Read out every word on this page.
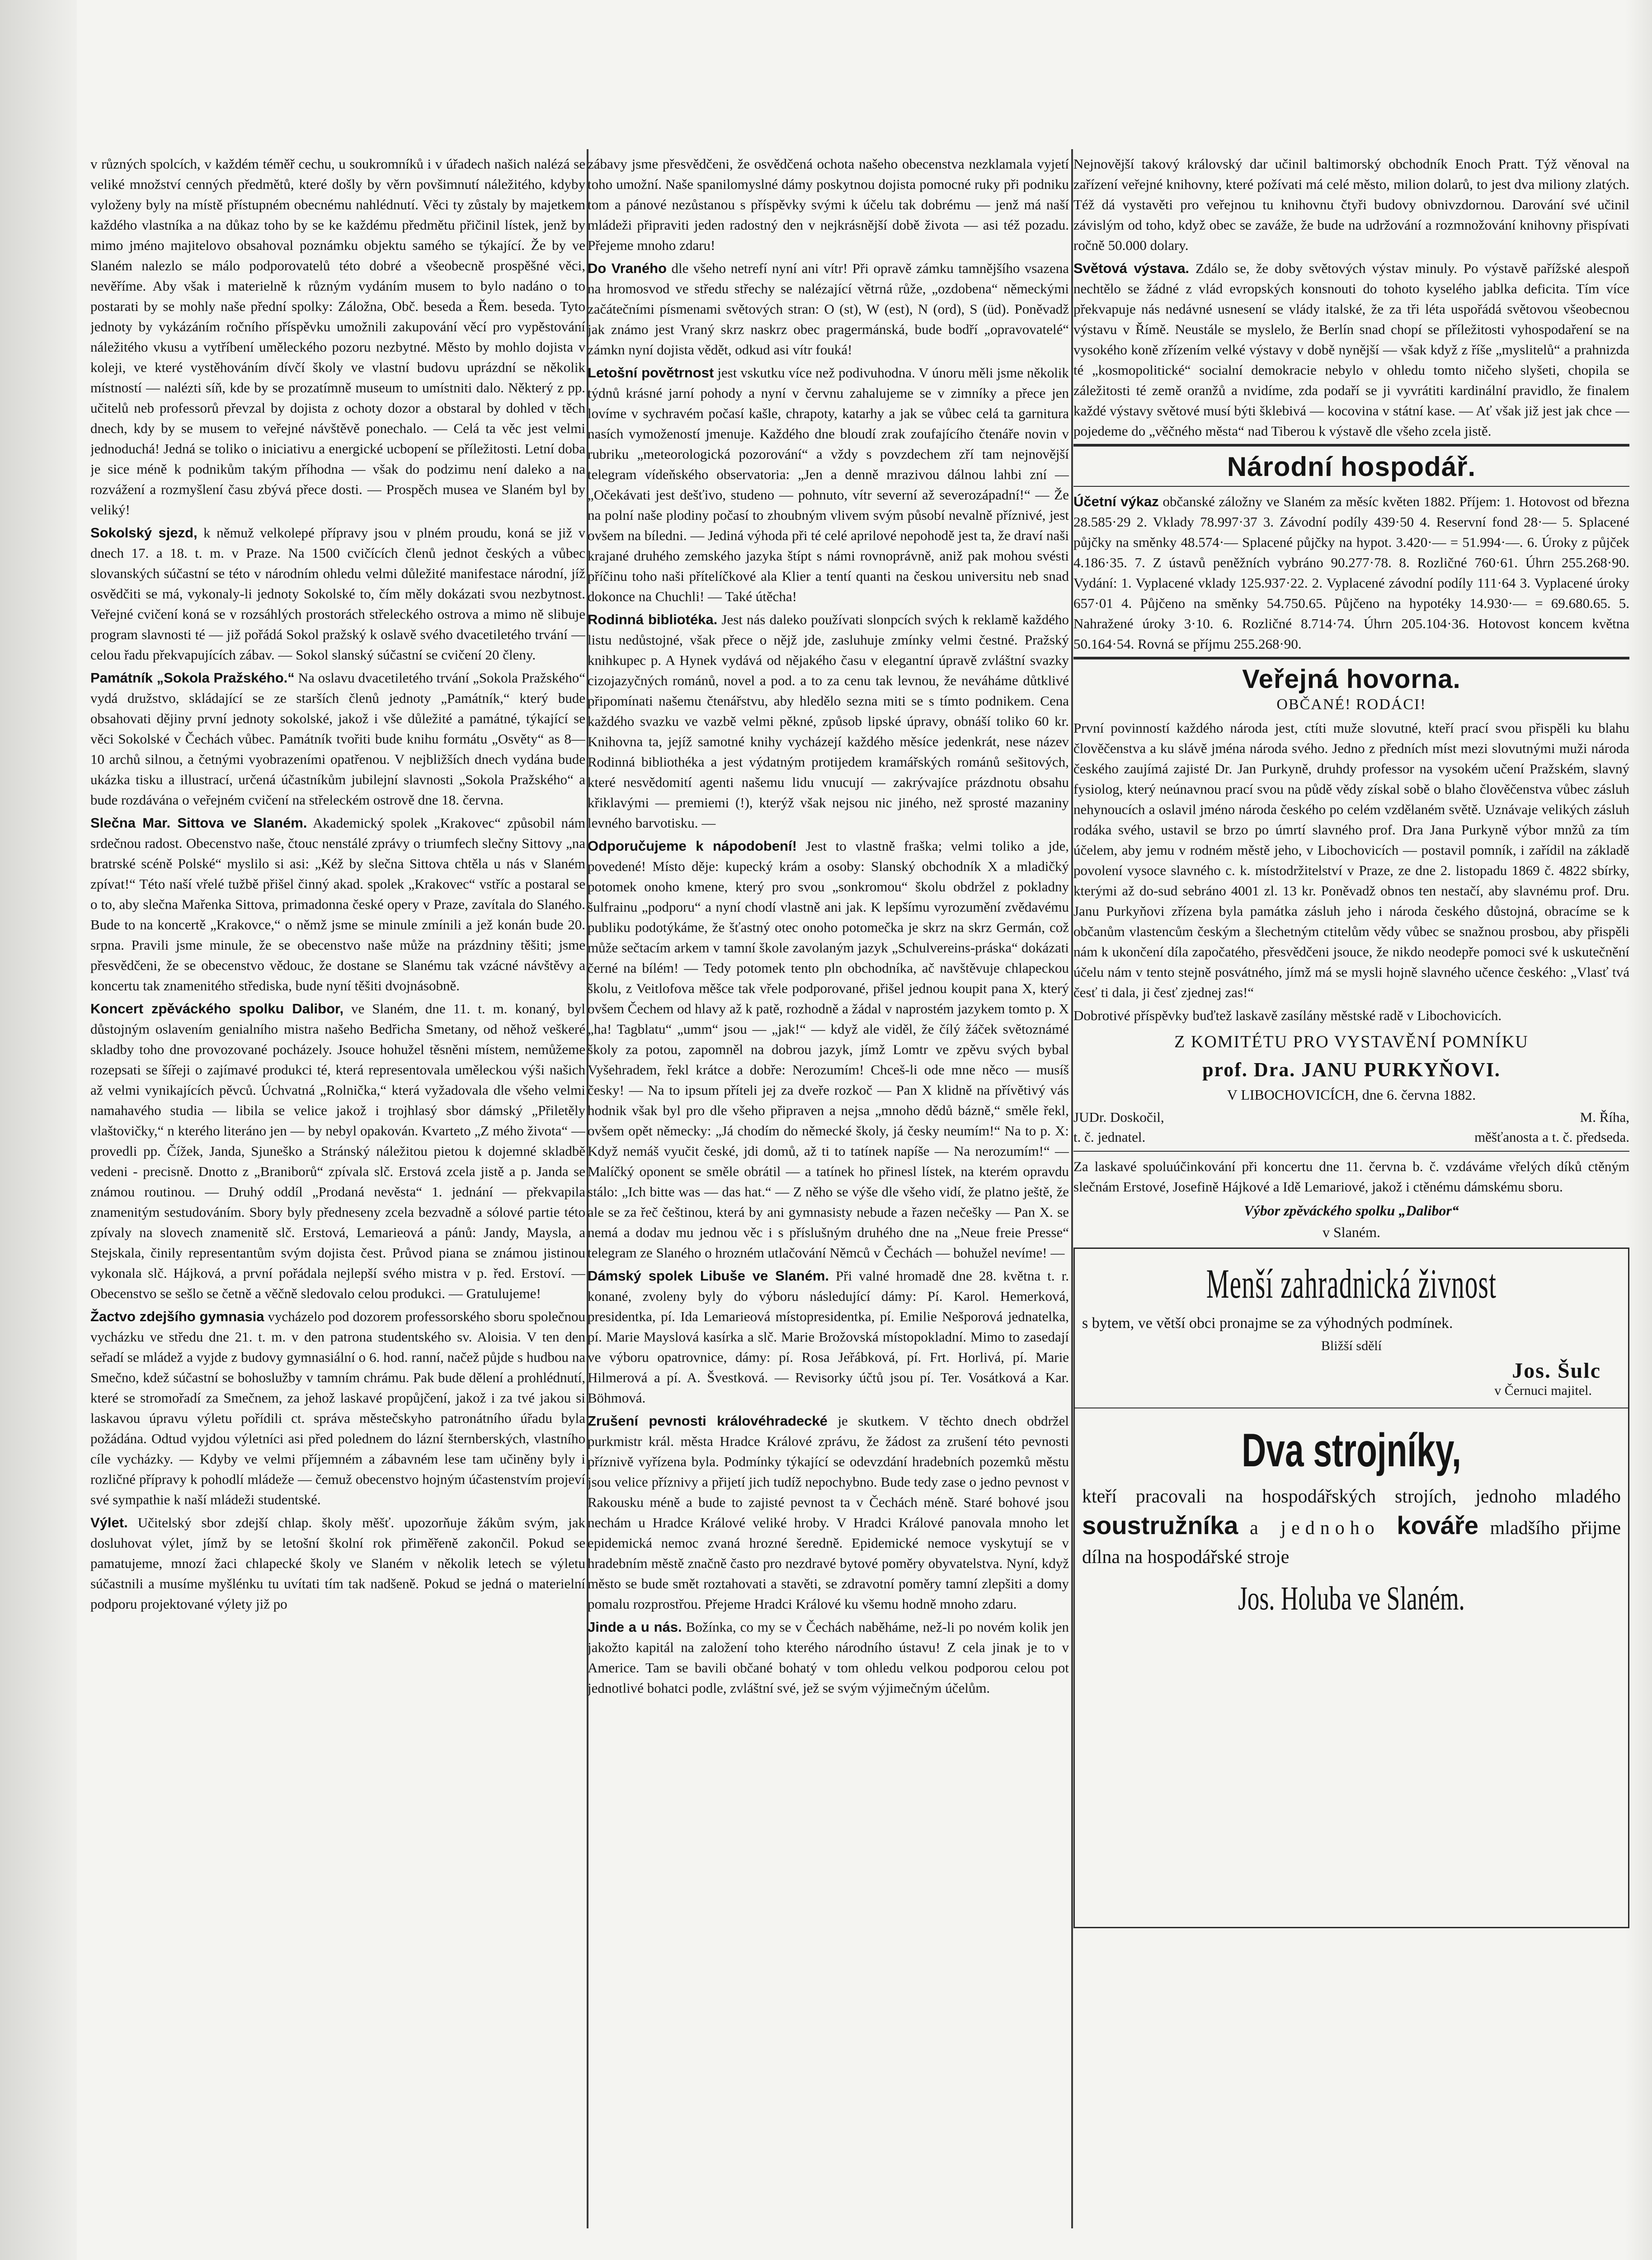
v různých spolcích, v každém téměř cechu, u soukromníků i v úřadech našich nalézá se veliké množství cenných předmětů, které došly by věrn povšimnutí náležitého, kdyby vyloženy byly na místě přístupném obecnému nahlédnutí. Věci ty zůstaly by majetkem každého vlastníka a na důkaz toho by se ke každému předmětu přičinil lístek, jenž by mimo jméno majitelovo obsahoval poznámku objektu samého se týkající. Že by ve Slaném nalezlo se málo podporovatelů této dobré a všeobecně prospěšné věci, nevěříme. Aby však i materielně k různým vydáním musem to bylo nadáno o to postarati by se mohly naše přední spolky: Záložna, Obč. beseda a Řem. beseda. Tyto jednoty by vykázáním ročního příspěvku umožnili zakupování věcí pro vypěstování náležitého vkusu a vytříbení uměleckého pozoru nezbytné. Město by mohlo dojista v koleji, ve které vystěhováním dívčí školy ve vlastní budovu uprázdní se několik místností — nalézti síň, kde by se prozatímně museum to umístniti dalo. Některý z pp. učitelů neb professorů převzal by dojista z ochoty dozor a obstaral by dohled v těch dnech, kdy by se musem to veřejné návštěvě ponechalo. — Celá ta věc jest velmi jednoduchá! Jedná se toliko o iniciativu a energické ucbopení se příležitosti. Letní doba je sice méně k podnikům takým příhodna — však do podzimu není daleko a na rozvážení a rozmyšlení času zbývá přece dosti. — Prospěch musea ve Slaném byl by veliký!

Sokolský sjezd, k němuž velkolepé přípravy jsou v plném proudu, koná se již v dnech 17. a 18. t. m. v Praze. Na 1500 cvičících členů jednot českých a vůbec slovanských súčastní se této v národním ohledu velmi důležité manifestace národní, jíž osvědčiti se má, vykonaly-li jednoty Sokolské to, čím měly dokázati svou nezbytnost. Veřejné cvičení koná se v rozsáhlých prostorách střeleckého ostrova a mimo ně slibuje program slavnosti té — již pořádá Sokol pražský k oslavě svého dvacetiletého trvání — celou řadu překvapujících zábav. — Sokol slanský súčastní se cvičení 20 členy.

Památník „Sokola Pražského.“ Na oslavu dvacetiletého trvání „Sokola Pražského“ vydá družstvo, skládající se ze starších členů jednoty „Památník,“ který bude obsahovati dějiny první jednoty sokolské, jakož i vše důležité a památné, týkající se věci Sokolské v Čechách vůbec. Památník tvořiti bude knihu formátu „Osvěty“ as 8—10 archů silnou, a četnými vyobrazeními opatřenou. V nejbližších dnech vydána bude ukázka tisku a illustrací, určená účastníkům jubilejní slavnosti „Sokola Pražského“ a bude rozdávána o veřejném cvičení na střeleckém ostrově dne 18. června.

Slečna Mar. Sittova ve Slaném. Akademický spolek „Krakovec“ způsobil nám srdečnou radost. Obecenstvo naše, čtouc nenstálé zprávy o triumfech slečny Sittovy „na bratrské scéně Polské“ myslilo si asi: „Kéž by slečna Sittova chtěla u nás v Slaném zpívat!“ Této naší vřelé tužbě přišel činný akad. spolek „Krakovec“ vstříc a postaral se o to, aby slečna Mařenka Sittova, primadonna české opery v Praze, zavítala do Slaného. Bude to na koncertě „Krakovce,“ o němž jsme se minule zmínili a jež konán bude 20. srpna. Pravili jsme minule, že se obecenstvo naše může na prázdniny těšiti; jsme přesvědčeni, že se obecenstvo vědouc, že dostane se Slanému tak vzácné návštěvy a koncertu tak znamenitého střediska, bude nyní těšiti dvojnásobně.

Koncert zpěváckého spolku Dalibor, ve Slaném, dne 11. t. m. konaný, byl důstojným oslavením genialního mistra našeho Bedřicha Smetany, od něhož veškeré skladby toho dne provozované pocházely. Jsouce hohužel těsněni místem, nemůžeme rozepsati se šířeji o zajímavé produkci té, která representovala uměleckou výši našich až velmi vynikajících pěvců. Úchvatná „Rolnička,“ která vyžadovala dle všeho velmi namahavého studia — libila se velice jakož i trojhlasý sbor dámský „Přiletěly vlaštovičky,“ n kterého literáno jen — by nebyl opakován. Kvarteto „Z mého života“ — provedli pp. Čížek, Janda, Sjuneško a Stránský náležitou pietou k dojemné skladbě vedeni - precisně. Dnotto z „Braniborů“ zpívala slč. Erstová zcela jistě a p. Janda se známou routinou. — Druhý oddíl „Prodaná nevěsta“ 1. jednání — překvapila znamenitým sestudováním. Sbory byly předneseny zcela bezvadně a sólové partie této zpívaly na slovech znamenitě slč. Erstová, Lemarieová a pánů: Jandy, Maysla, a Stejskala, činily representantům svým dojista čest. Průvod piana se známou jistinou vykonala slč. Hájková, a první pořádala nejlepší svého mistra v p. řed. Erstoví. — Obecenstvo se sešlo se četně a věčně sledovalo celou produkci. — Gratulujeme!

Žactvo zdejšího gymnasia vycházelo pod dozorem professorského sboru společnou vycházku ve středu dne 21. t. m. v den patrona studentského sv. Aloisia. V ten den seřadí se mládež a vyjde z budovy gymnasiální o 6. hod. ranní, načež půjde s hudbou na Smečno, kdež súčastní se bohoslužby v tamním chrámu. Pak bude dělení a prohlédnutí, které se stromořadí za Smečnem, za jehož laskavé propůjčení, jakož i za tvé jakou si laskavou úpravu výletu pořídili ct. správa městečskyho patronátního úřadu byla požádána. Odtud vyjdou výletníci asi před polednem do lázní šternberských, vlastního cíle vycházky. — Kdyby ve velmi příjemném a zábavném lese tam učiněny byly i rozličné přípravy k pohodlí mládeže — čemuž obecenstvo hojným účastenstvím projeví své sympathie k naší mládeži studentské.

Výlet. Učitelský sbor zdejší chlap. školy měšť. upozorňuje žákům svým, jak dosluhovat výlet, jímž by se letošní školní rok přiměřeně zakončil. Pokud se pamatujeme, mnozí žaci chlapecké školy ve Slaném v několik letech se výletu súčastnili a musíme myšlénku tu uvítati tím tak nadšeně. Pokud se jedná o materielní podporu projektované výlety již po

zábavy jsme přesvědčeni, že osvědčená ochota našeho obecenstva nezklamala vyjetí toho umožní. Naše spanilomyslné dámy poskytnou dojista pomocné ruky při podniku tom a pánové nezůstanou s příspěvky svými k účelu tak dobrému — jenž má naší mládeži připraviti jeden radostný den v nejkrásnější době života — asi též pozadu. Přejeme mnoho zdaru!

Do Vraného dle všeho netrefí nyní ani vítr! Při opravě zámku tamnějšího vsazena na hromosvod ve středu střechy se nalézající větrná růže, „ozdobena“ německými začátečními písmenami světových stran: O (st), W (est), N (ord), S (üd). Poněvadž jak známo jest Vraný skrz naskrz obec pragermánská, bude bodří „opravovatelé“ zámkn nyní dojista vědět, odkud asi vítr fouká!

Letošní povětrnost jest vskutku více než podivuhodna. V únoru měli jsme několik týdnů krásné jarní pohody a nyní v červnu zahalujeme se v zimníky a přece jen lovíme v sychravém počasí kašle, chrapoty, katarhy a jak se vůbec celá ta garnitura nasích vymožeností jmenuje. Každého dne bloudí zrak zoufajícího čtenáře novin v rubriku „meteorologická pozorování“ a vždy s povzdechem zří tam nejnovější telegram vídeňského observatoria: „Jen a denně mrazivou dálnou lahbi zní — „Očekávati jest dešťivo, studeno — pohnuto, vítr severní až severozápadní!“ — Že na polní naše plodiny počasí to zhoubným vlivem svým působí nevalně příznivé, jest ovšem na bíledni. — Jediná výhoda při té celé aprilové nepohodě jest ta, že draví naši krajané druhého zemského jazyka štípt s námi rovnoprávně, aniž pak mohou svésti příčinu toho naši přítelíčkové ala Klier a tentí quanti na českou universitu neb snad dokonce na Chuchli! — Také útěcha!

Rodinná bibliotéka. Jest nás daleko používati slonpcích svých k reklamě každého listu nedůstojné, však přece o nějž jde, zasluhuje zmínky velmi čestné. Pražský knihkupec p. A Hynek vydává od nějakého času v elegantní úpravě zvláštní svazky cizojazyčných románů, novel a pod. a to za cenu tak levnou, že neváháme důtklivé připomínati našemu čtenářstvu, aby hledělo sezna miti se s tímto podnikem. Cena každého svazku ve vazbě velmi pěkné, způsob lipské úpravy, obnáší toliko 60 kr. Knihovna ta, jejíž samotné knihy vycházejí každého měsíce jedenkrát, nese název Rodinná bibliothéka a jest výdatným protijedem kramářských románů sešitových, které nesvědomití agenti našemu lidu vnucují — zakrývajíce prázdnotu obsahu křiklavými — premiemi (!), kterýž však nejsou nic jiného, než sprosté mazaniny levného barvotisku. —

Odporučujeme k nápodobení! Jest to vlastně fraška; velmi toliko a jde, povedené! Místo děje: kupecký krám a osoby: Slanský obchodník X a mladičký potomek onoho kmene, který pro svou „sonkromou“ školu obdržel z pokladny šulfrainu „podporu“ a nyní chodí vlastně ani jak. K lepšímu vyrozumění zvědavému publiku podotýkáme, že šťastný otec onoho potomečka je skrz na skrz Germán, což může sečtacím arkem v tamní škole zavolaným jazyk „Schulvereins-práska“ dokázati černé na bílém! — Tedy potomek tento pln obchodníka, ač navštěvuje chlapeckou školu, z Veitlofova měšce tak vřele podporované, přišel jednou koupit pana X, který ovšem Čechem od hlavy až k patě, rozhodně a žádal v naprostém jazykem tomto p. X „ha! Tagblatu“ „umm“ jsou — „jak!“ — když ale viděl, že čílý žáček světoznámé školy za potou, zapomněl na dobrou jazyk, jímž Lomtr ve zpěvu svých bybal Vyšehradem, řekl krátce a dobře: Nerozumím! Chceš-li ode mne něco — musíš česky! — Na to ipsum příteli jej za dveře rozkoč — Pan X klidně na přívětivý vás hodnik však byl pro dle všeho připraven a nejsa „mnoho dědů bázně,“ směle řekl, ovšem opět německy: „Já chodím do německé školy, já česky neumím!“ Na to p. X: Když nemáš vyučit české, jdi domů, až ti to tatínek napíše — Na nerozumím!“ — Malíčký oponent se směle obrátil — a tatínek ho přinesl lístek, na kterém opravdu stálo: „Ich bitte was — das hat.“ — Z něho se výše dle všeho vidí, že platno ještě, že ale se za řeč češtinou, která by ani gymnasisty nebude a řazen nečešky — Pan X. se nemá a dodav mu jednou věc i s příslušným druhého dne na „Neue freie Presse“ telegram ze Slaného o hrozném utlačování Němců v Čechách — bohužel nevíme! —

Dámský spolek Libuše ve Slaném. Při valné hromadě dne 28. května t. r. konané, zvoleny byly do výboru následující dámy: Pí. Karol. Hemerková, presidentka, pí. Ida Lemarieová místopresidentka, pí. Emilie Nešporová jednatelka, pí. Marie Mayslová kasírka a slč. Marie Brožovská místopokladní. Mimo to zasedají ve výboru opatrovnice, dámy: pí. Rosa Jeřábková, pí. Frt. Horlivá, pí. Marie Hilmerová a pí. A. Švestková. — Revisorky účtů jsou pí. Ter. Vosátková a Kar. Böhmová.

Zrušení pevnosti královéhradecké je skutkem. V těchto dnech obdržel purkmistr král. města Hradce Králové zprávu, že žádost za zrušení této pevnosti příznivě vyřízena byla. Podmínky týkající se odevzdání hradebních pozemků městu jsou velice příznivy a přijetí jich tudíž nepochybno. Bude tedy zase o jedno pevnost v Rakousku méně a bude to zajisté pevnost ta v Čechách méně. Staré bohové jsou nechám u Hradce Králové veliké hroby. V Hradci Králové panovala mnoho let epidemická nemoc zvaná hrozné šeredně. Epidemické nemoce vyskytují se v hradebním městě značně často pro nezdravé bytové poměry obyvatelstva. Nyní, když město se bude smět roztahovati a stavěti, se zdravotní poměry tamní zlepšiti a domy pomalu rozprostřou. Přejeme Hradci Králové ku všemu hodně mnoho zdaru.

Jinde a u nás. Božínka, co my se v Čechách naběháme, než-li po novém kolik jen jakožto kapitál na založení toho kterého národního ústavu! Z cela jinak je to v Americe. Tam se bavili občané bohatý v tom ohledu velkou podporou celou pot jednotlivé bohatci podle, zvláštní své, jež se svým výjimečným účelům.

Nejnovější takový královský dar učinil baltimorský obchodník Enoch Pratt. Týž věnoval na zařízení veřejné knihovny, které požívati má celé město, milion dolarů, to jest dva miliony zlatých. Též dá vystavěti pro veřejnou tu knihovnu čtyři budovy obnivzdornou. Darování své učinil závislým od toho, když obec se zaváže, že bude na udržování a rozmnožování knihovny přispívati ročně 50.000 dolary.

Světová výstava. Zdálo se, že doby světových výstav minuly. Po výstavě pařížské alespoň nechtělo se žádné z vlád evropských konsnouti do tohoto kyselého jablka deficita. Tím více překvapuje nás nedávné usnesení se vlády italské, že za tři léta uspořádá světovou všeobecnou výstavu v Římě. Neustále se myslelo, že Berlín snad chopí se příležitosti vyhospodaření se na vysokého koně zřízením velké výstavy v době nynější — však když z říše „myslitelů“ a prahnizda té „kosmopolitické“ socialní demokracie nebylo v ohledu tomto ničeho slyšeti, chopila se záležitosti té země oranžů a nvidíme, zda podaří se ji vyvrátiti kardinální pravidlo, že finalem každé výstavy světové musí býti šklebivá — kocovina v státní kase. — Ať však již jest jak chce — pojedeme do „věčného města“ nad Tiberou k výstavě dle všeho zcela jistě.

Národní hospodář.

Účetní výkaz občanské záložny ve Slaném za měsíc květen 1882. Příjem: 1. Hotovost od března 28.585·29 2. Vklady 78.997·37 3. Závodní podíly 439·50 4. Reservní fond 28·— 5. Splacené půjčky na směnky 48.574·— Splacené půjčky na hypot. 3.420·— = 51.994·—. 6. Úroky z půjček 4.186·35. 7. Z ústavů peněžních vybráno 90.277·78. 8. Rozličné 760·61. Úhrn 255.268·90. Vydání: 1. Vyplacené vklady 125.937·22. 2. Vyplacené závodní podíly 111·64 3. Vyplacené úroky 657·01 4. Půjčeno na směnky 54.750.65. Půjčeno na hypotéky 14.930·— = 69.680.65. 5. Nahražené úroky 3·10. 6. Rozličné 8.714·74. Úhrn 205.104·36. Hotovost koncem května 50.164·54. Rovná se příjmu 255.268·90.

Veřejná hovorna.
OBČANÉ! RODÁCI!

První povinností každého národa jest, ctíti muže slovutné, kteří prací svou přispěli ku blahu člověčenstva a ku slávě jména národa svého. Jedno z předních míst mezi slovutnými muži národa českého zaujímá zajisté Dr. Jan Purkyně, druhdy professor na vysokém učení Pražském, slavný fysiolog, který neúnavnou prací svou na půdě vědy získal sobě o blaho člověčenstva vůbec zásluh nehynoucích a oslavil jméno národa českého po celém vzdělaném světě. Uznávaje velikých zásluh rodáka svého, ustavil se brzo po úmrtí slavného prof. Dra Jana Purkyně výbor mnžů za tím účelem, aby jemu v rodném městě jeho, v Libochovicích — postavil pomník, i zařídil na základě povolení vysoce slavného c. k. místodržitelství v Praze, ze dne 2. listopadu 1869 č. 4822 sbírky, kterými až do-sud sebráno 4001 zl. 13 kr. Poněvadž obnos ten nestačí, aby slavnému prof. Dru. Janu Purkyňovi zřízena byla památka zásluh jeho i národa českého důstojná, obracíme se k občanům vlastencům českým a šlechetným ctitelům vědy vůbec se snažnou prosbou, aby přispěli nám k ukončení díla započatého, přesvědčeni jsouce, že nikdo neodepře pomoci své k uskutečnění účelu nám v tento stejně posvátného, jímž má se mysli hojně slavného učence českého: „Vlasť tvá česť ti dala, ji česť zjednej zas!“

Dobrotivé příspěvky buďtež laskavě zasílány městské radě v Libochovicích.

Z KOMITÉTU PRO VYSTAVĚNÍ POMNÍKU
prof. Dra. JANU PURKYŇOVI.

V LIBOCHOVICÍCH, dne 6. června 1882.

JUDr. Doskočil,	M. Říha,
t. č. jednatel.	měšťanosta a t. č. předseda.

Za laskavé spoluúčinkování při koncertu dne 11. června b. č. vzdáváme vřelých díků ctěným slečnám Erstové, Josefině Hájkové a Idě Lemariové, jakož i ctěnému dámskému sboru.

Výbor zpěváckého spolku „Dalibor“

v Slaném.

Menší zahradnická živnost

s bytem, ve větší obci pronajme se za výhodných podmínek.

Bližší sdělí

Jos. Šulc
v Černuci majitel.
Dva strojníky,

kteří pracovali na hospodářských strojích, jednoho mladého soustružníka a jednoho kováře mladšího přijme dílna na hospodářské stroje

Jos. Holuba ve Slaném.
